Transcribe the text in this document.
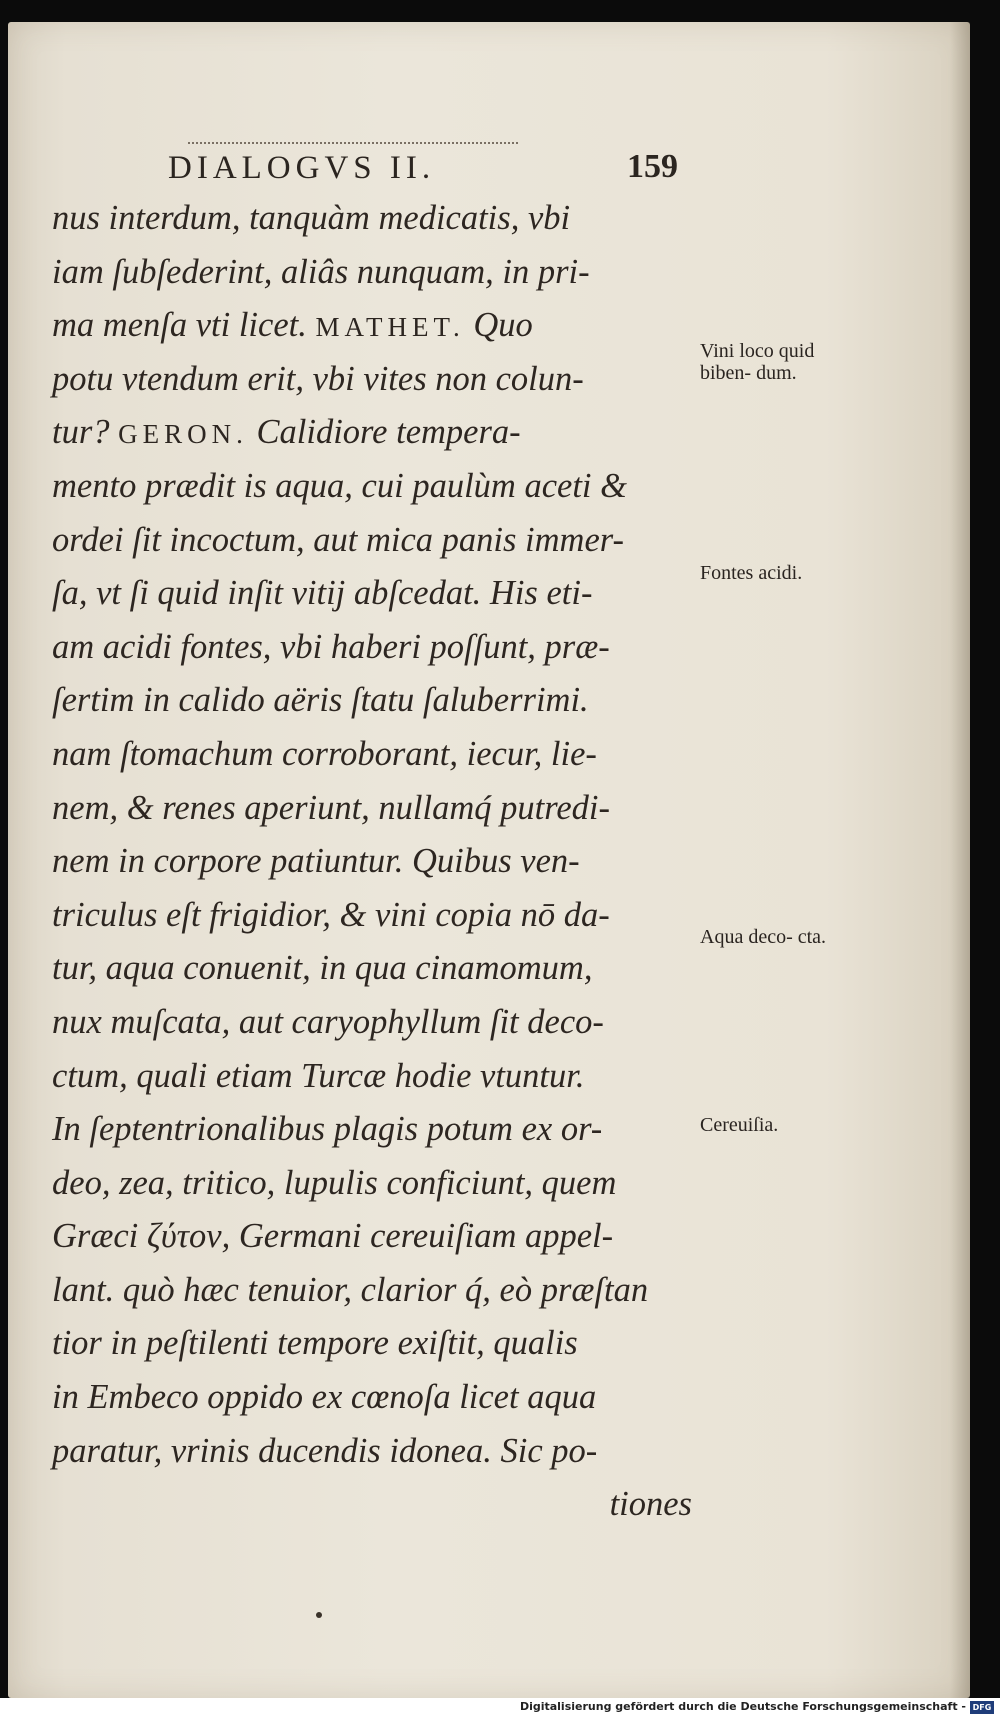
DIALOGVS II.	159
nus interdum, tanquàm medicatis, vbi
iam ſubſederint, aliâs nunquam, in pri-
ma menſa vti licet. MATHET. Quo
potu vtendum erit, vbi vites non colun-
tur? GERON. Calidiore tempera-
mento prædit is aqua, cui paulùm aceti &
ordei ſit incoctum, aut mica panis immer-
ſa, vt ſi quid inſit vitij abſcedat. His eti-
am acidi fontes, vbi haberi poſſunt, præ-
ſertim in calido aëris ſtatu ſaluberrimi.
nam ſtomachum corroborant, iecur, lie-
nem, & renes aperiunt, nullamq́ putredi-
nem in corpore patiuntur. Quibus ven-
triculus eſt frigidior, & vini copia nō da-
tur, aqua conuenit, in qua cinamomum,
nux muſcata, aut caryophyllum ſit deco-
ctum, quali etiam Turcæ hodie vtuntur.
In ſeptentrionalibus plagis potum ex or-
deo, zea, tritico, lupulis conficiunt, quem
Græci ζύτον, Germani cereuiſiam appel-
lant. quò hæc tenuior, clarior q́, eò præſtan
tior in peſtilenti tempore exiſtit, qualis
in Embeco oppido ex cœnoſa licet aqua
paratur, vrinis ducendis idonea. Sic po-
tiones
Vini loco quid biben- dum.
Fontes acidi.
Aqua deco- cta.
Cereuiſia.
Digitalisierung gefördert durch die Deutsche Forschungsgemeinschaft - DFG
